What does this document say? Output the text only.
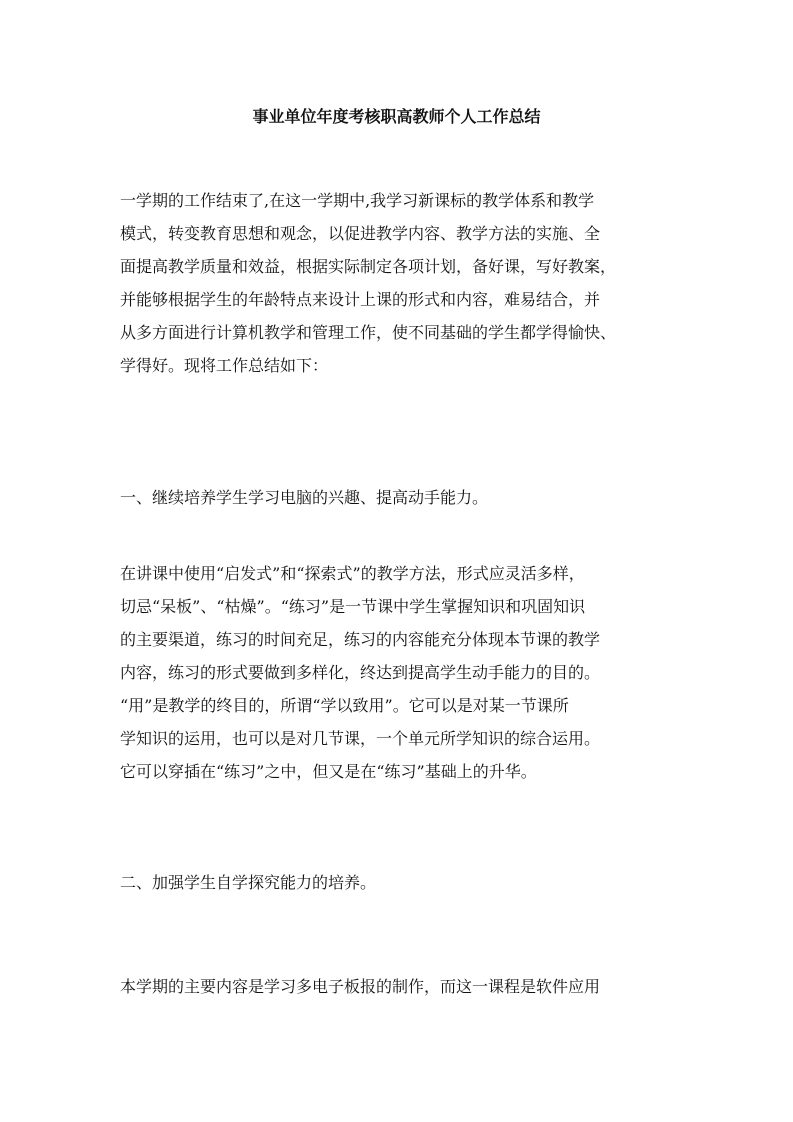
事业单位年度考核职高教师个人工作总结
一学期的工作结束了,在这一学期中,我学习新课标的教学体系和教学
模式，转变教育思想和观念，以促进教学内容、教学方法的实施、全
面提高教学质量和效益，根据实际制定各项计划，备好课，写好教案，
并能够根据学生的年龄特点来设计上课的形式和内容，难易结合，并
从多方面进行计算机教学和管理工作，使不同基础的学生都学得愉快、
学得好。现将工作总结如下：
一、继续培养学生学习电脑的兴趣、提高动手能力。
在讲课中使用“启发式”和“探索式”的教学方法，形式应灵活多样，
切忌“呆板”、“枯燥”。“练习”是一节课中学生掌握知识和巩固知识
的主要渠道，练习的时间充足，练习的内容能充分体现本节课的教学
内容，练习的形式要做到多样化，终达到提高学生动手能力的目的。
“用”是教学的终目的，所谓“学以致用”。它可以是对某一节课所
学知识的运用，也可以是对几节课，一个单元所学知识的综合运用。
它可以穿插在“练习”之中，但又是在“练习”基础上的升华。
二、加强学生自学探究能力的培养。
本学期的主要内容是学习多电子板报的制作，而这一课程是软件应用
